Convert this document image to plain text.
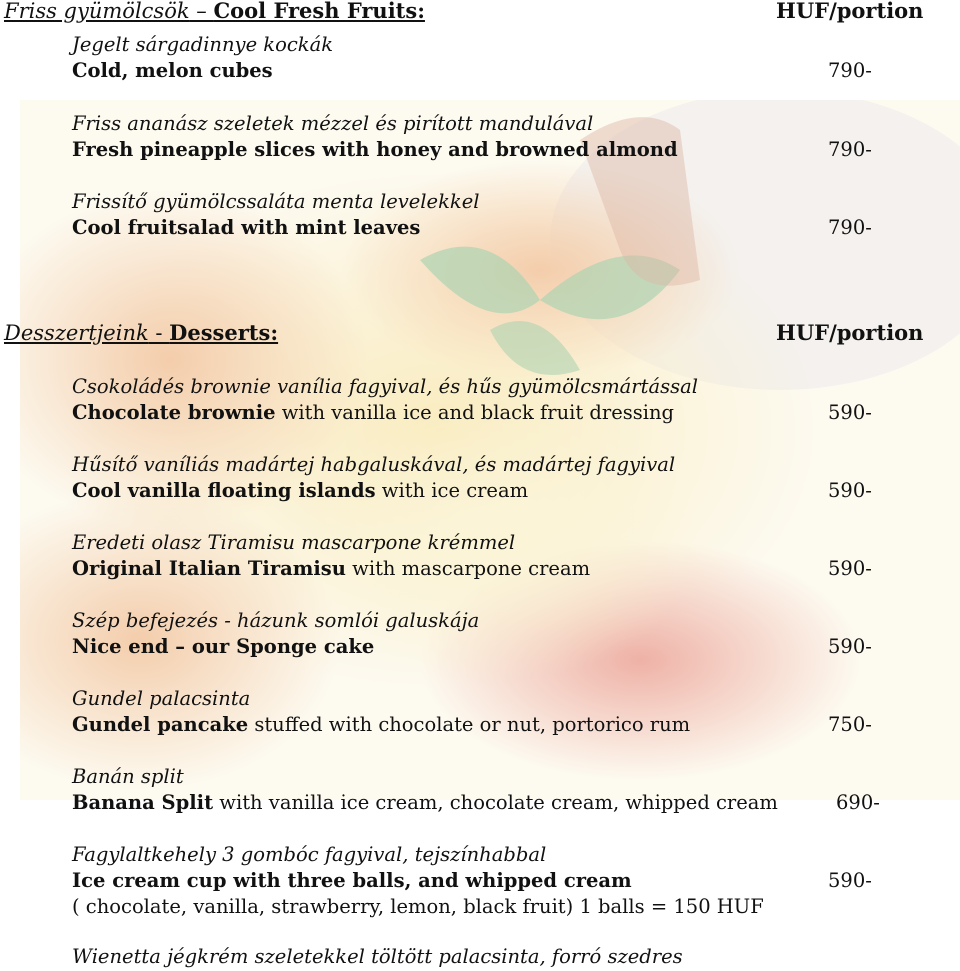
Friss gyümölcsök – Cool Fresh Fruits:	HUF/portion
Jegelt sárgadinnye kockák
Cold, melon cubes	790-
Friss ananász szeletek mézzel és pirított mandulával
Fresh pineapple slices with honey and browned almond	790-
Frissítő gyümölcssaláta menta levelekkel
Cool fruitsalad with mint leaves	790-
Desszertjeink - Desserts:	HUF/portion
Csokoládés brownie vanília fagyival, és hűs gyümölcsmártással
Chocolate brownie with vanilla ice and black fruit dressing	590-
Hűsítő vaníliás madártej habgaluskával, és madártej fagyival
Cool vanilla floating islands with ice cream	590-
Eredeti olasz Tiramisu mascarpone krémmel
Original Italian Tiramisu with mascarpone cream	590-
Szép befejezés - házunk somlói galuskája
Nice end – our Sponge cake	590-
Gundel palacsinta
Gundel pancake stuffed with chocolate or nut, portorico rum	750-
Banán split
Banana Split with vanilla ice cream, chocolate cream, whipped cream	690-
Fagylaltkehely 3 gombóc fagyival, tejszínhabbal
Ice cream cup with three balls, and whipped cream	590-
( chocolate, vanilla, strawberry, lemon, black fruit) 1 balls = 150 HUF
Wienetta jégkrém szeletekkel töltött palacsinta, forró szedres
